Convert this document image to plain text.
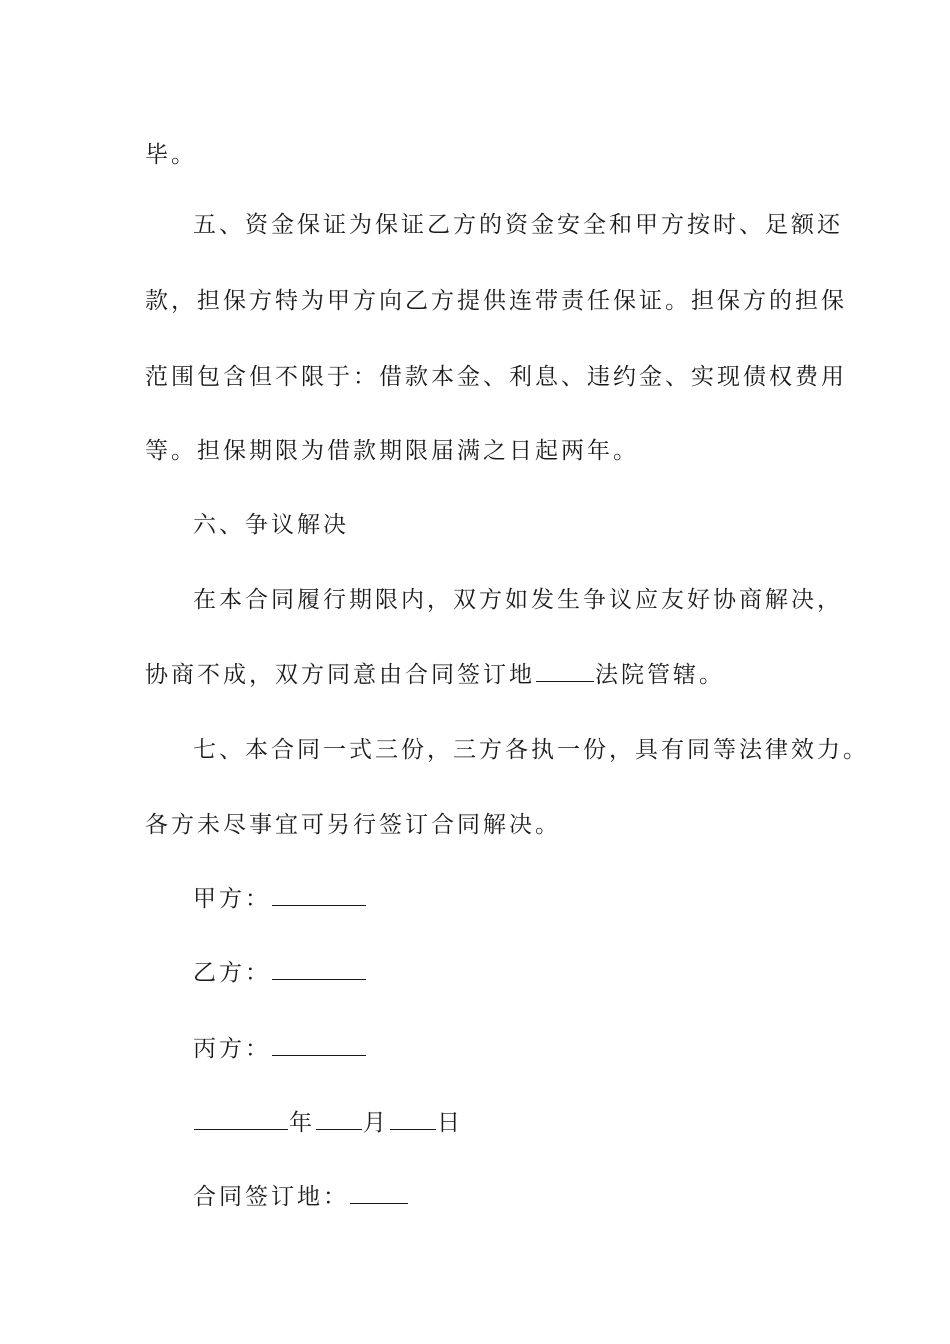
毕。
五、资金保证为保证乙方的资金安全和甲方按时、足额还
款，担保方特为甲方向乙方提供连带责任保证。担保方的担保
范围包含但不限于：借款本金、利息、违约金、实现债权费用
等。担保期限为借款期限届满之日起两年。
六、争议解决
在本合同履行期限内，双方如发生争议应友好协商解决，
协商不成，双方同意由合同签订地	法院管辖。
七、本合同一式三份，三方各执一份，具有同等法律效力。
各方未尽事宜可另行签订合同解决。
甲方：
乙方：
丙方：
年 月 日
合同签订地：
